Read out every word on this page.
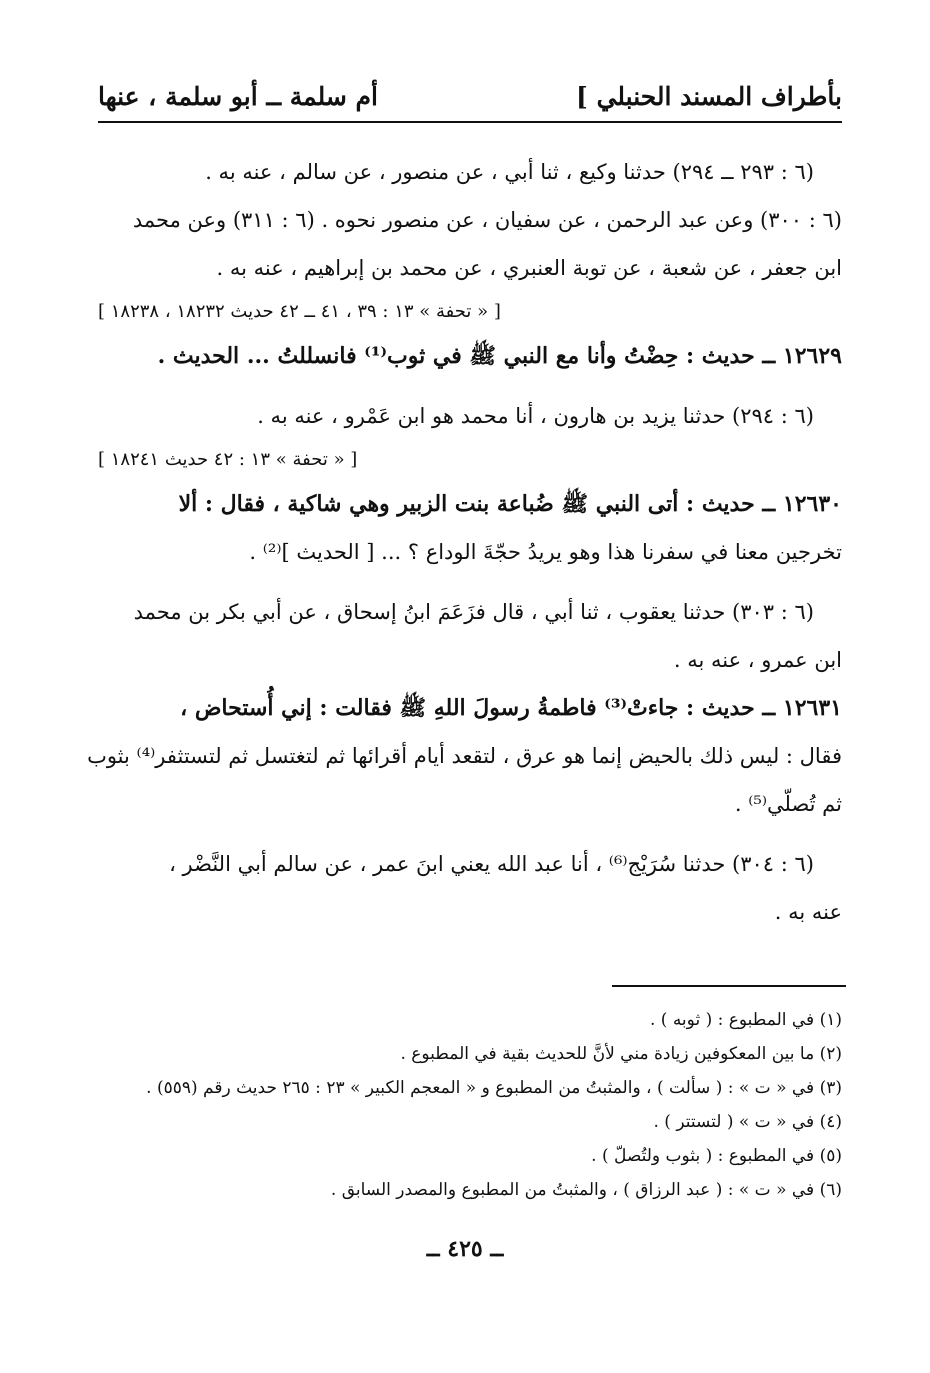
بأطراف المسند الحنبلي ]
أم سلمة ــ أبو سلمة ، عنها
(٦ : ٢٩٣ ــ ٢٩٤) حدثنا وكيع ، ثنا أبي ، عن منصور ، عن سالم ، عنه به .
(٦ : ٣٠٠) وعن عبد الرحمن ، عن سفيان ، عن منصور نحوه . (٦ : ٣١١) وعن محمد
ابن جعفر ، عن شعبة ، عن توبة العنبري ، عن محمد بن إبراهيم ، عنه به .
[ « تحفة » ١٣ : ٣٩ ، ٤١ ــ ٤٢ حديث ١٨٢٣٢ ، ١٨٢٣٨ ]
١٢٦٢٩ ــ حديث : حِضْتُ وأنا مع النبي ﷺ في ثوب⁽¹⁾ فانسللتُ ... الحديث .
(٦ : ٢٩٤) حدثنا يزيد بن هارون ، أنا محمد هو ابن عَمْرو ، عنه به .
[ « تحفة » ١٣ : ٤٢ حديث ١٨٢٤١ ]
١٢٦٣٠ ــ حديث : أتى النبي ﷺ ضُباعة بنت الزبير وهي شاكية ، فقال : ألا
تخرجين معنا في سفرنا هذا وهو يريدُ حجّةَ الوداع ؟ ... [ الحديث ]⁽²⁾ .
(٦ : ٣٠٣) حدثنا يعقوب ، ثنا أبي ، قال فزَعَمَ ابنُ إسحاق ، عن أبي بكر بن محمد
ابن عمرو ، عنه به .
١٢٦٣١ ــ حديث : جاءتْ⁽³⁾ فاطمةُ رسولَ اللهِ ﷺ فقالت : إني أُستحاض ،
فقال : ليس ذلك بالحيض إنما هو عرق ، لتقعد أيام أقرائها ثم لتغتسل ثم لتستثفر⁽⁴⁾ بثوب
ثم تُصلّي⁽⁵⁾ .
(٦ : ٣٠٤) حدثنا سُرَيْج⁽⁶⁾ ، أنا عبد الله يعني ابنَ عمر ، عن سالم أبي النَّضْر ،
عنه به .
(١) في المطبوع : ( ثوبه ) .
(٢) ما بين المعكوفين زيادة مني لأنَّ للحديث بقية في المطبوع .
(٣) في « ت » : ( سألت ) ، والمثبتُ من المطبوع و « المعجم الكبير » ٢٣ : ٢٦٥ حديث رقم (٥٥٩) .
(٤) في « ت » ( لتستتر ) .
(٥) في المطبوع : ( بثوب ولتُصلّ ) .
(٦) في « ت » : ( عبد الرزاق ) ، والمثبتُ من المطبوع والمصدر السابق .
ــ ٤٢٥ ــ
